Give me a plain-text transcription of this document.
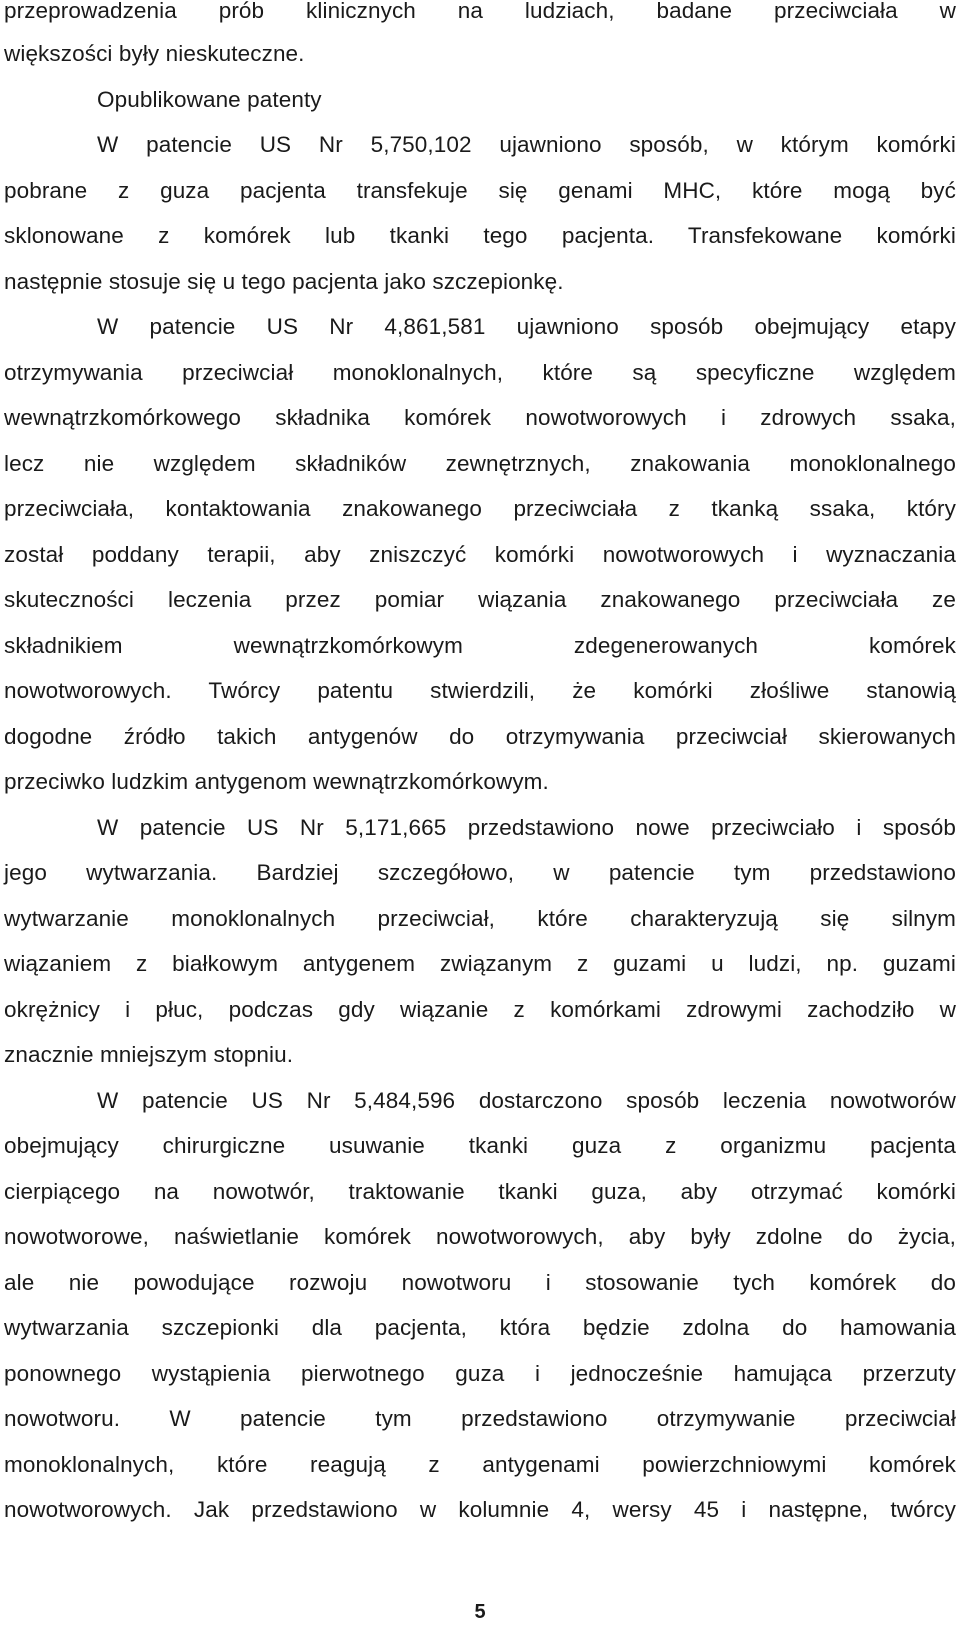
przeprowadzenia prób klinicznych na ludziach, badane przeciwciała w
większości były nieskuteczne.
Opublikowane patenty
W patencie US Nr 5,750,102 ujawniono sposób, w którym komórki
pobrane z guza pacjenta transfekuje się genami MHC, które mogą być
sklonowane z komórek lub tkanki tego pacjenta. Transfekowane komórki
następnie stosuje się u tego pacjenta jako szczepionkę.
W patencie US Nr 4,861,581 ujawniono sposób obejmujący etapy
otrzymywania przeciwciał monoklonalnych, które są specyficzne względem
wewnątrzkomórkowego składnika komórek nowotworowych i zdrowych ssaka,
lecz nie względem składników zewnętrznych, znakowania monoklonalnego
przeciwciała, kontaktowania znakowanego przeciwciała z tkanką ssaka, który
został poddany terapii, aby zniszczyć komórki nowotworowych i wyznaczania
skuteczności leczenia przez pomiar wiązania znakowanego przeciwciała ze
składnikiem wewnątrzkomórkowym zdegenerowanych komórek
nowotworowych. Twórcy patentu stwierdzili, że komórki złośliwe stanowią
dogodne źródło takich antygenów do otrzymywania przeciwciał skierowanych
przeciwko ludzkim antygenom wewnątrzkomórkowym.
W patencie US Nr 5,171,665 przedstawiono nowe przeciwciało i sposób
jego wytwarzania. Bardziej szczegółowo, w patencie tym przedstawiono
wytwarzanie monoklonalnych przeciwciał, które charakteryzują się silnym
wiązaniem z białkowym antygenem związanym z guzami u ludzi, np. guzami
okrężnicy i płuc, podczas gdy wiązanie z komórkami zdrowymi zachodziło w
znacznie mniejszym stopniu.
W patencie US Nr 5,484,596 dostarczono sposób leczenia nowotworów
obejmujący chirurgiczne usuwanie tkanki guza z organizmu pacjenta
cierpiącego na nowotwór, traktowanie tkanki guza, aby otrzymać komórki
nowotworowe, naświetlanie komórek nowotworowych, aby były zdolne do życia,
ale nie powodujące rozwoju nowotworu i stosowanie tych komórek do
wytwarzania szczepionki dla pacjenta, która będzie zdolna do hamowania
ponownego wystąpienia pierwotnego guza i jednocześnie hamująca przerzuty
nowotworu. W patencie tym przedstawiono otrzymywanie przeciwciał
monoklonalnych, które reagują z antygenami powierzchniowymi komórek
nowotworowych. Jak przedstawiono w kolumnie 4, wersy 45 i następne, twórcy
5
